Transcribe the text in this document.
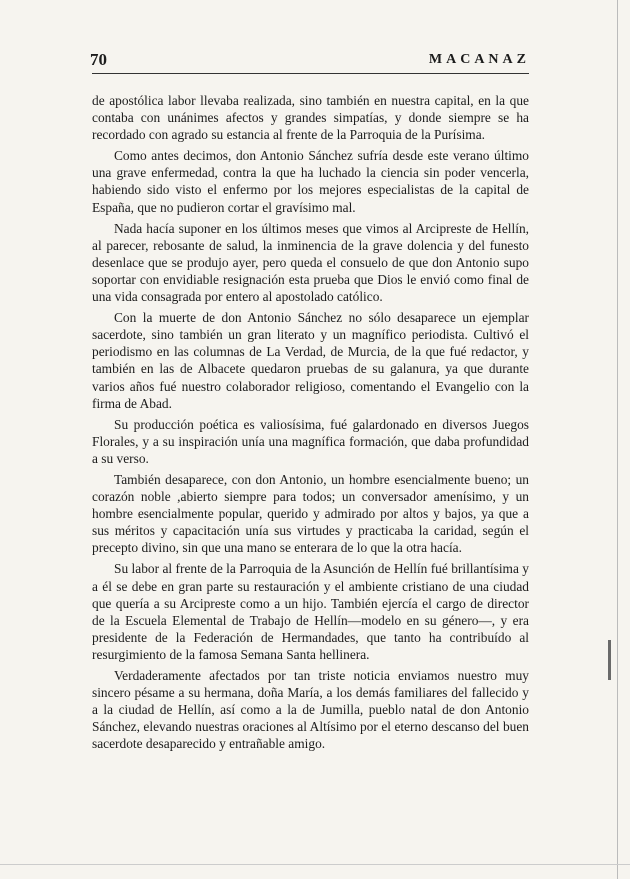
70	MACANAZ

de apostólica labor llevaba realizada, sino también en nuestra capital, en la que contaba con unánimes afectos y grandes simpatías, y donde siempre se ha recordado con agrado su estancia al frente de la Parroquia de la Purísima.

Como antes decimos, don Antonio Sánchez sufría desde este verano último una grave enfermedad, contra la que ha luchado la ciencia sin poder vencerla, habiendo sido visto el enfermo por los mejores especialistas de la capital de España, que no pudieron cortar el gravísimo mal.

Nada hacía suponer en los últimos meses que vimos al Arcipreste de Hellín, al parecer, rebosante de salud, la inminencia de la grave dolencia y del funesto desenlace que se produjo ayer, pero queda el consuelo de que don Antonio supo soportar con envidiable resignación esta prueba que Dios le envió como final de una vida consagrada por entero al apostolado católico.

Con la muerte de don Antonio Sánchez no sólo desaparece un ejemplar sacerdote, sino también un gran literato y un magnífico periodista. Cultivó el periodismo en las columnas de La Verdad, de Murcia, de la que fué redactor, y también en las de Albacete quedaron pruebas de su galanura, ya que durante varios años fué nuestro colaborador religioso, comentando el Evangelio con la firma de Abad.

Su producción poética es valiosísima, fué galardonado en diversos Juegos Florales, y a su inspiración unía una magnífica formación, que daba profundidad a su verso.

También desaparece, con don Antonio, un hombre esencialmente bueno; un corazón noble ,abierto siempre para todos; un conversador amenísimo, y un hombre esencialmente popular, querido y admirado por altos y bajos, ya que a sus méritos y capacitación unía sus virtudes y practicaba la caridad, según el precepto divino, sin que una mano se enterara de lo que la otra hacía.

Su labor al frente de la Parroquia de la Asunción de Hellín fué brillantísima y a él se debe en gran parte su restauración y el ambiente cristiano de una ciudad que quería a su Arcipreste como a un hijo. También ejercía el cargo de director de la Escuela Elemental de Trabajo de Hellín—modelo en su género—, y era presidente de la Federación de Hermandades, que tanto ha contribuído al resurgimiento de la famosa Semana Santa hellinera.

Verdaderamente afectados por tan triste noticia enviamos nuestro muy sincero pésame a su hermana, doña María, a los demás familiares del fallecido y a la ciudad de Hellín, así como a la de Jumilla, pueblo natal de don Antonio Sánchez, elevando nuestras oraciones al Altísimo por el eterno descanso del buen sacerdote desaparecido y entrañable amigo.
